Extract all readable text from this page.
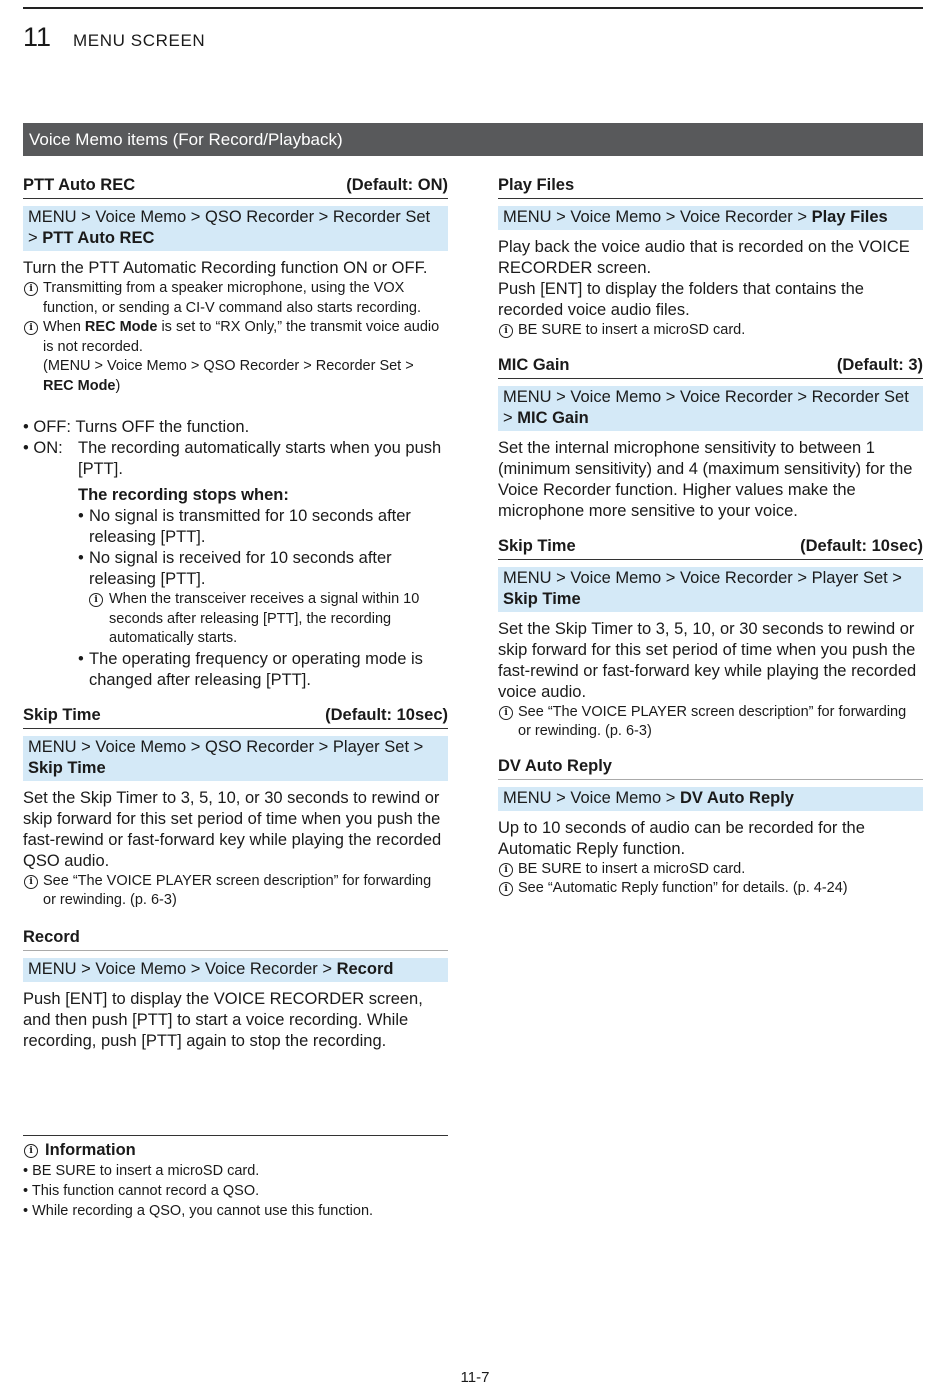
11 MENU SCREEN
Voice Memo items (For Record/Playback)
PTT Auto REC	(Default: ON)
MENU > Voice Memo > QSO Recorder > Recorder Set > PTT Auto REC
Turn the PTT Automatic Recording function ON or OFF.
i Transmitting from a speaker microphone, using the VOX function, or sending a CI-V command also starts recording.
i When REC Mode is set to “RX Only,” the transmit voice audio is not recorded.
(MENU > Voice Memo > QSO Recorder > Recorder Set > REC Mode)
• OFF: Turns OFF the function.
• ON: The recording automatically starts when you push [PTT].
The recording stops when:
• No signal is transmitted for 10 seconds after releasing [PTT].
• No signal is received for 10 seconds after releasing [PTT].
i When the transceiver receives a signal within 10 seconds after releasing [PTT], the recording automatically starts.
• The operating frequency or operating mode is changed after releasing [PTT].
Skip Time	(Default: 10sec)
MENU > Voice Memo > QSO Recorder > Player Set > Skip Time
Set the Skip Timer to 3, 5, 10, or 30 seconds to rewind or skip forward for this set period of time when you push the fast-rewind or fast-forward key while playing the recorded QSO audio.
i See “The VOICE PLAYER screen description” for forwarding or rewinding. (p. 6-3)
Record
MENU > Voice Memo > Voice Recorder > Record
Push [ENT] to display the VOICE RECORDER screen, and then push [PTT] to start a voice recording. While recording, push [PTT] again to stop the recording.
i Information
• BE SURE to insert a microSD card.
• This function cannot record a QSO.
• While recording a QSO, you cannot use this function.
Play Files
MENU > Voice Memo > Voice Recorder > Play Files
Play back the voice audio that is recorded on the VOICE RECORDER screen.
Push [ENT] to display the folders that contains the recorded voice audio files.
i BE SURE to insert a microSD card.
MIC Gain	(Default: 3)
MENU > Voice Memo > Voice Recorder > Recorder Set > MIC Gain
Set the internal microphone sensitivity to between 1 (minimum sensitivity) and 4 (maximum sensitivity) for the Voice Recorder function. Higher values make the microphone more sensitive to your voice.
Skip Time	(Default: 10sec)
MENU > Voice Memo > Voice Recorder > Player Set > Skip Time
Set the Skip Timer to 3, 5, 10, or 30 seconds to rewind or skip forward for this set period of time when you push the fast-rewind or fast-forward key while playing the recorded voice audio.
i See “The VOICE PLAYER screen description” for forwarding or rewinding. (p. 6-3)
DV Auto Reply
MENU > Voice Memo > DV Auto Reply
Up to 10 seconds of audio can be recorded for the Automatic Reply function.
i BE SURE to insert a microSD card.
i See “Automatic Reply function” for details. (p. 4-24)
11-7
